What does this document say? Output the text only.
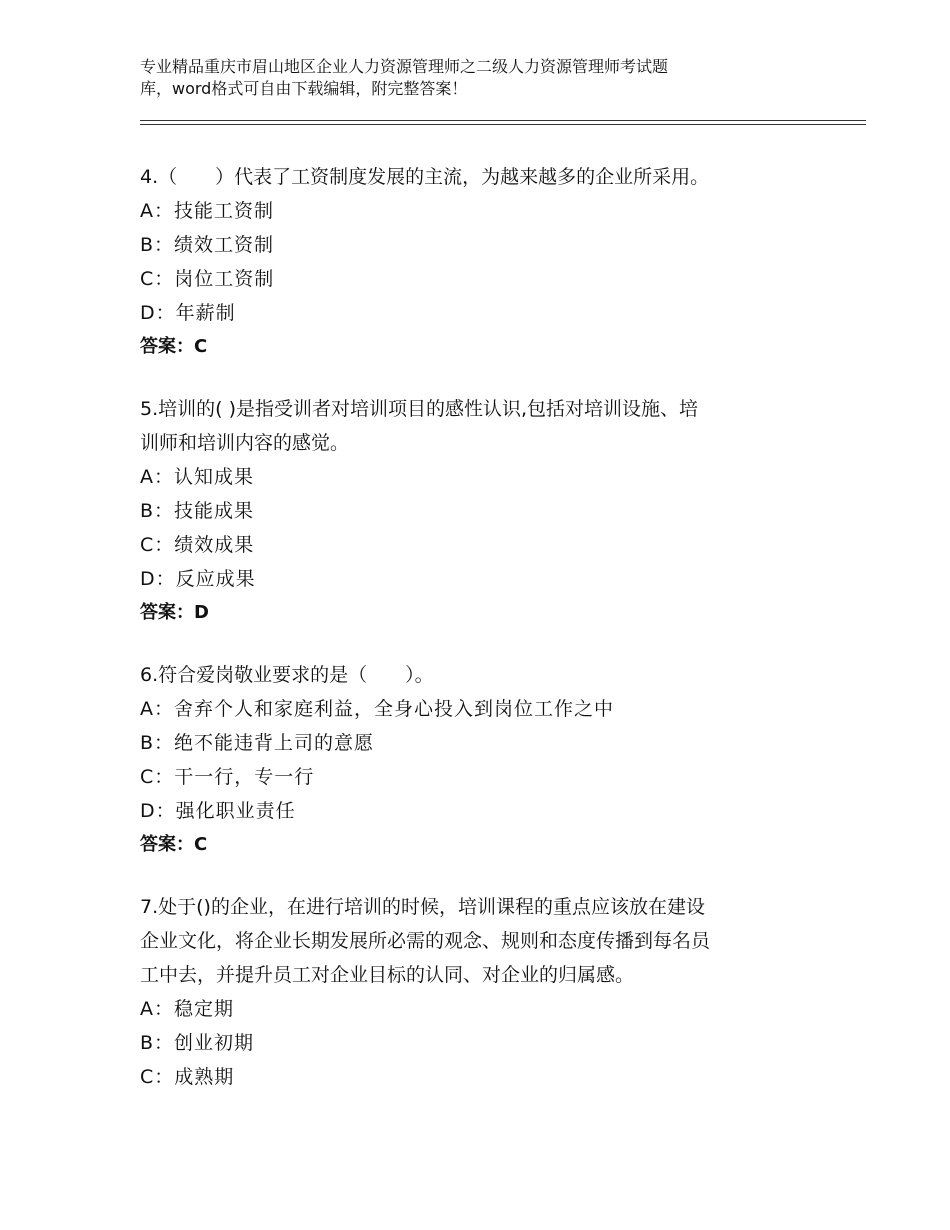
专业精品重庆市眉山地区企业人力资源管理师之二级人力资源管理师考试题
库，word格式可自由下载编辑，附完整答案！
4.（　　）代表了工资制度发展的主流，为越来越多的企业所采用。
A：技能工资制
B：绩效工资制
C：岗位工资制
D：年薪制
答案：C
5.培训的( )是指受训者对培训项目的感性认识,包括对培训设施、培
训师和培训内容的感觉。
A：认知成果
B：技能成果
C：绩效成果
D：反应成果
答案：D
6.符合爱岗敬业要求的是（　　）。
A：舍弃个人和家庭利益，全身心投入到岗位工作之中
B：绝不能违背上司的意愿
C：干一行，专一行
D：强化职业责任
答案：C
7.处于()的企业，在进行培训的时候，培训课程的重点应该放在建设
企业文化，将企业长期发展所必需的观念、规则和态度传播到每名员
工中去，并提升员工对企业目标的认同、对企业的归属感。
A：稳定期
B：创业初期
C：成熟期
